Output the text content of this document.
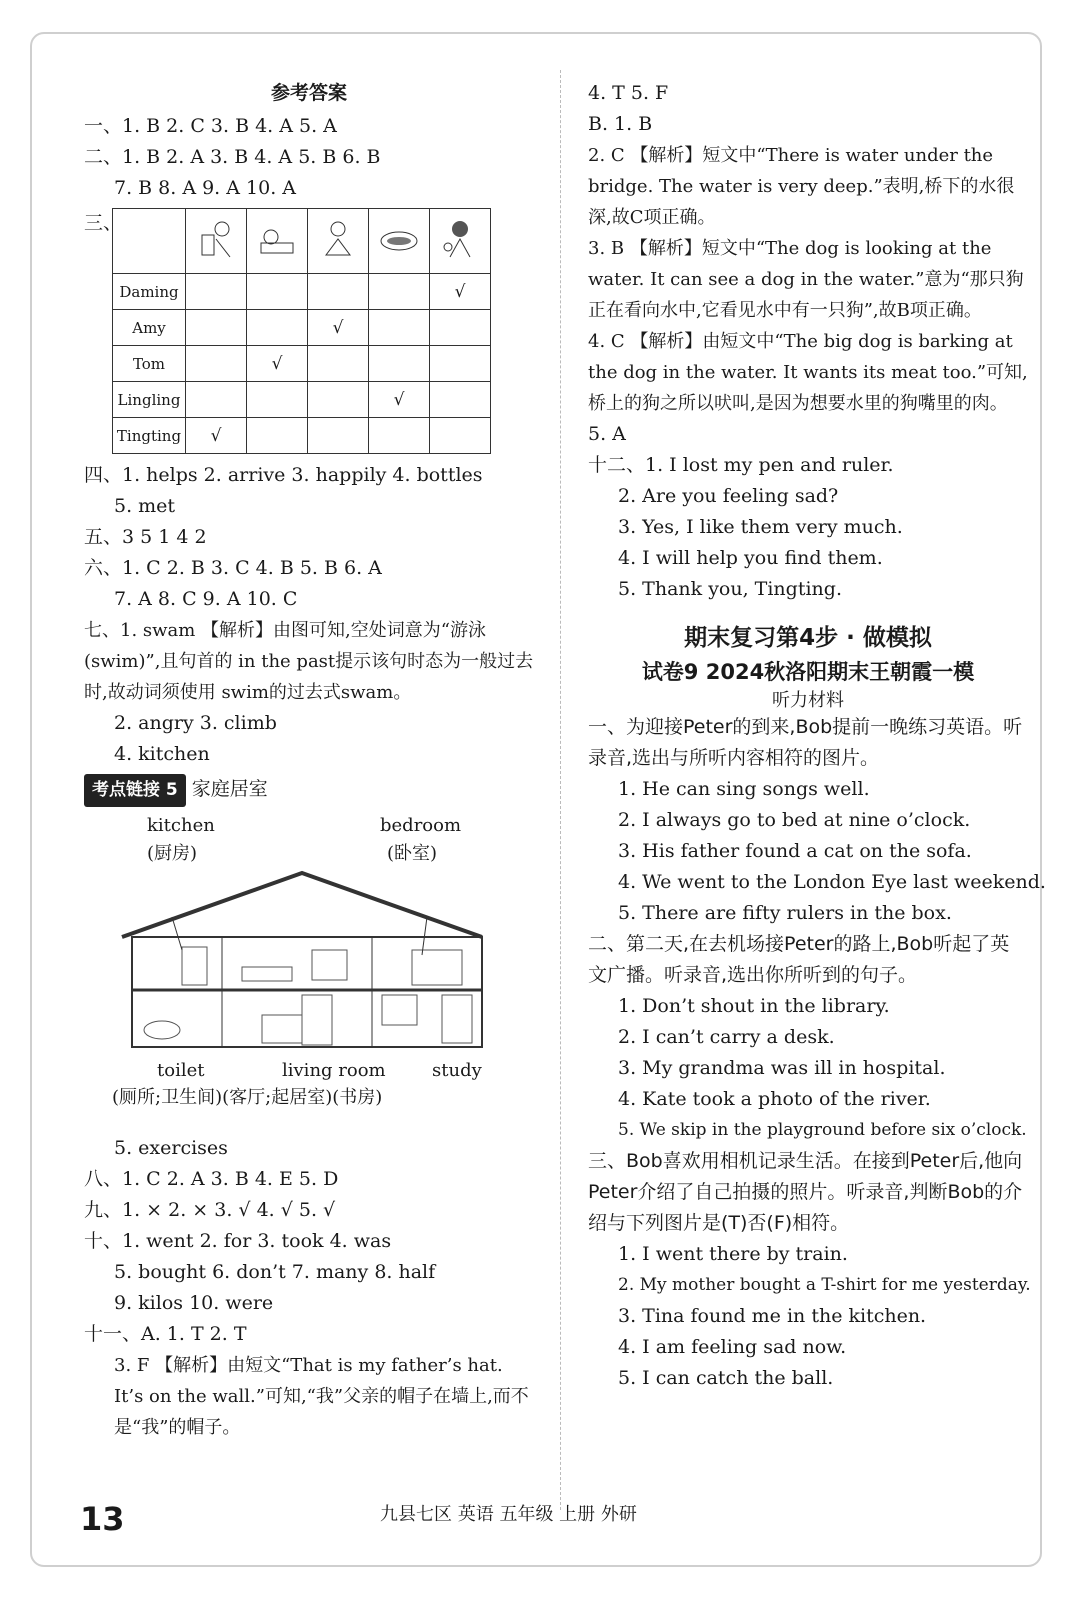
参考答案
一、1. B 2. C 3. B 4. A 5. A
二、1. B 2. A 3. B 4. A 5. B 6. B
7. B 8. A 9. A 10. A
三、

Daming					√
Amy			√		
Tom		√			
Lingling				√	
Tingting	√				
四、1. helps 2. arrive 3. happily 4. bottles
5. met
五、3 5 1 4 2
六、1. C 2. B 3. C 4. B 5. B 6. A
7. A 8. C 9. A 10. C
七、1. swam 【解析】由图可知,空处词意为“游泳(swim)”,且句首的 in the past提示该句时态为一般过去时,故动词须使用 swim的过去式swam。
2. angry 3. climb
4. kitchen
考点链接 5 家庭居室
kitchen
(厨房)
bedroom
(卧室)
toilet	living room	study
(厕所;卫生间)(客厅;起居室)(书房)
5. exercises
八、1. C 2. A 3. B 4. E 5. D
九、1. × 2. × 3. √ 4. √ 5. √
十、1. went 2. for 3. took 4. was
5. bought 6. don’t 7. many 8. half
9. kilos 10. were
十一、A. 1. T 2. T
3. F 【解析】由短文“That is my father’s hat. It’s on the wall.”可知,“我”父亲的帽子在墙上,而不是“我”的帽子。
4. T 5. F
B. 1. B
2. C 【解析】短文中“There is water under the bridge. The water is very deep.”表明,桥下的水很深,故C项正确。
3. B 【解析】短文中“The dog is looking at the water. It can see a dog in the water.”意为“那只狗正在看向水中,它看见水中有一只狗”,故B项正确。
4. C 【解析】由短文中“The big dog is barking at the dog in the water. It wants its meat too.”可知,桥上的狗之所以吠叫,是因为想要水里的狗嘴里的肉。
5. A
十二、1. I lost my pen and ruler.
2. Are you feeling sad?
3. Yes, I like them very much.
4. I will help you find them.
5. Thank you, Tingting.
期末复习第4步 · 做模拟
试卷9 2024秋洛阳期末王朝霞一模
听力材料
一、为迎接Peter的到来,Bob提前一晚练习英语。听录音,选出与所听内容相符的图片。
1. He can sing songs well.
2. I always go to bed at nine o’clock.
3. His father found a cat on the sofa.
4. We went to the London Eye last weekend.
5. There are fifty rulers in the box.
二、第二天,在去机场接Peter的路上,Bob听起了英文广播。听录音,选出你所听到的句子。
1. Don’t shout in the library.
2. I can’t carry a desk.
3. My grandma was ill in hospital.
4. Kate took a photo of the river.
5. We skip in the playground before six o’clock.
三、Bob喜欢用相机记录生活。在接到Peter后,他向Peter介绍了自己拍摄的照片。听录音,判断Bob的介绍与下列图片是(T)否(F)相符。
1. I went there by train.
2. My mother bought a T-shirt for me yesterday.
3. Tina found me in the kitchen.
4. I am feeling sad now.
5. I can catch the ball.
13	九县七区 英语 五年级 上册 外研
